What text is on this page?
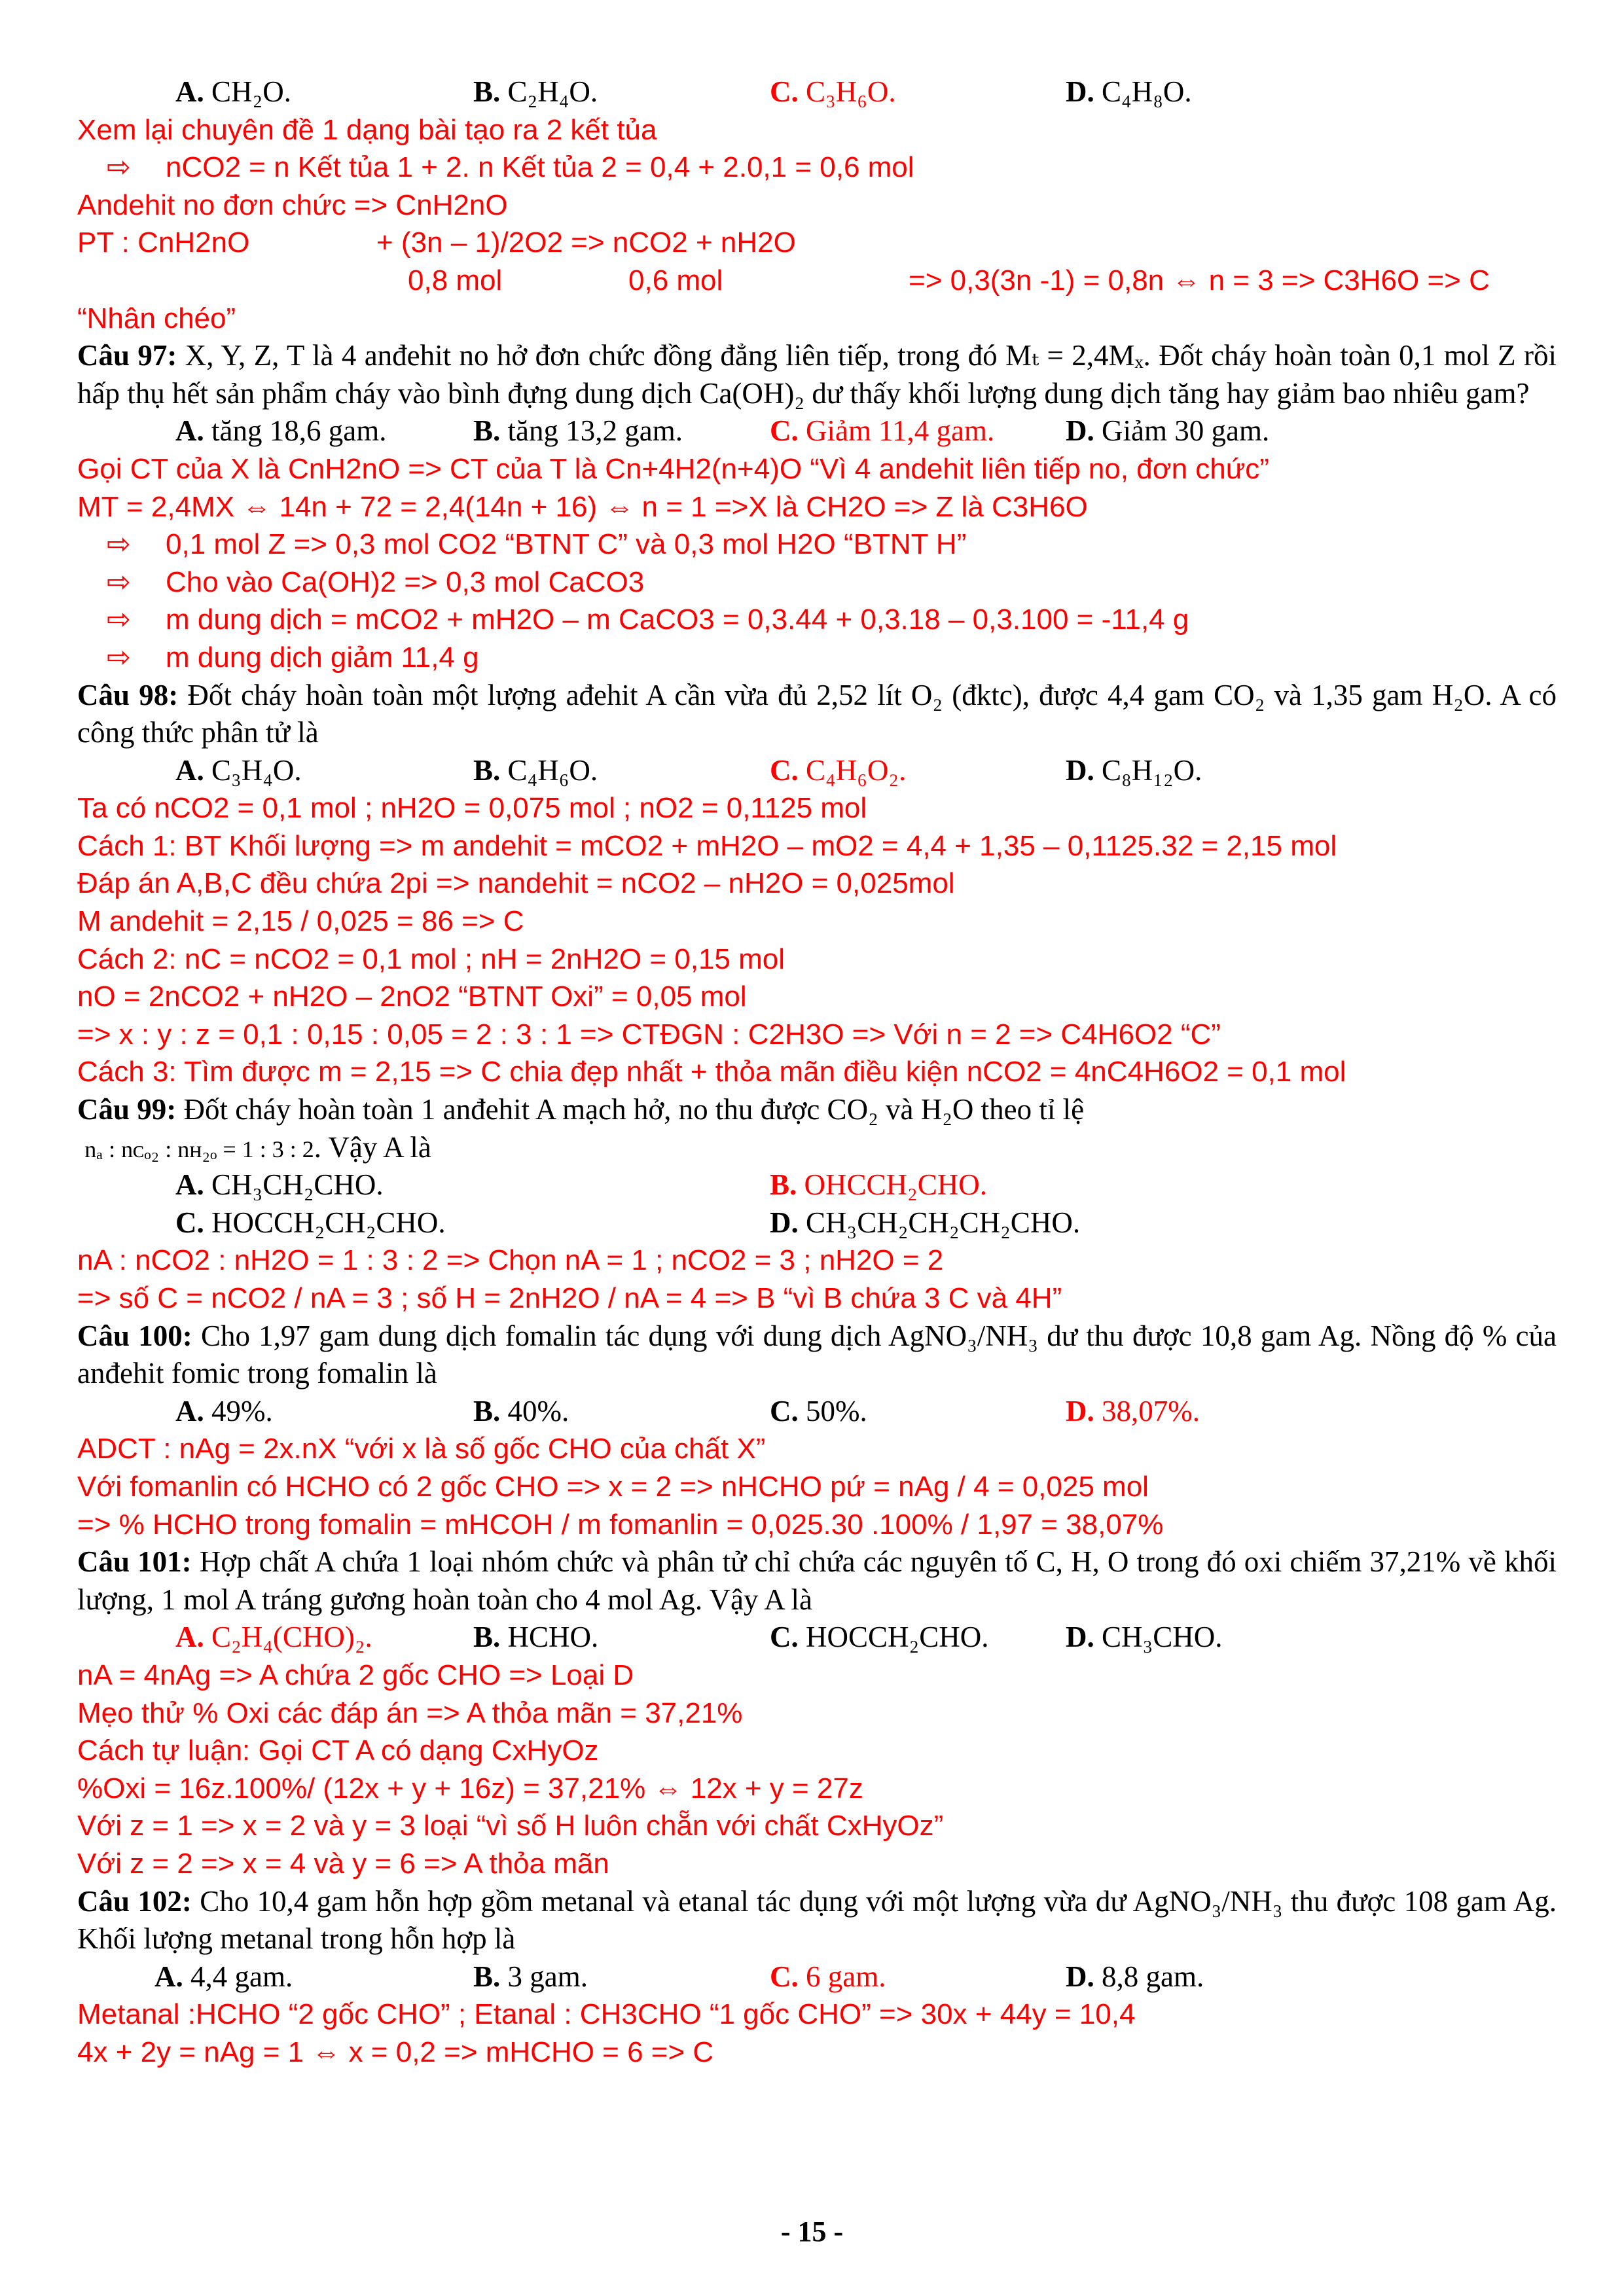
A. CH₂O.	B. C₂H₄O.	C. C₃H₆O.	D. C₄H₈O.
Xem lại chuyên đề 1 dạng bài tạo ra 2 kết tủa
⇨ nCO2 = n Kết tủa 1 + 2. n Kết tủa 2 = 0,4 + 2.0,1 = 0,6 mol
Andehit no đơn chức => CnH2nO
PT : CnH2nO	+ (3n – 1)/2O2 => nCO2 + nH2O
0,8 mol	0,6 mol	=> 0,3(3n -1) = 0,8n ⇔ n = 3 => C3H6O => C
“Nhân chéo”
Câu 97: X, Y, Z, T là 4 anđehit no hở đơn chức đồng đẳng liên tiếp, trong đó Mₜ = 2,4Mₓ. Đốt cháy hoàn toàn 0,1 mol Z rồi hấp thụ hết sản phẩm cháy vào bình đựng dung dịch Ca(OH)₂ dư thấy khối lượng dung dịch tăng hay giảm bao nhiêu gam?
A. tăng 18,6 gam.	B. tăng 13,2 gam.	C. Giảm 11,4 gam. D. Giảm 30 gam.
Gọi CT của X là CnH2nO => CT của T là Cn+4H2(n+4)O “Vì 4 andehit liên tiếp no, đơn chức”
MT = 2,4MX ⇔ 14n + 72 = 2,4(14n + 16) ⇔ n = 1 =>X là CH2O => Z là C3H6O
⇨ 0,1 mol Z => 0,3 mol CO2 “BTNT C” và 0,3 mol H2O “BTNT H”
⇨ Cho vào Ca(OH)2 => 0,3 mol CaCO3
⇨ m dung dịch = mCO2 + mH2O – m CaCO3 = 0,3.44 + 0,3.18 – 0,3.100 = -11,4 g
⇨ m dung dịch giảm 11,4 g
Câu 98: Đốt cháy hoàn toàn một lượng ađehit A cần vừa đủ 2,52 lít O₂ (đktc), được 4,4 gam CO₂ và 1,35 gam H₂O. A có công thức phân tử là
A. C₃H₄O.	B. C₄H₆O.	C. C₄H₆O₂.	D. C₈H₁₂O.
Ta có nCO2 = 0,1 mol ; nH2O = 0,075 mol ; nO2 = 0,1125 mol
Cách 1: BT Khối lượng => m andehit = mCO2 + mH2O – mO2 = 4,4 + 1,35 – 0,1125.32 = 2,15 mol
Đáp án A,B,C đều chứa 2pi => nandehit = nCO2 – nH2O = 0,025mol
M andehit = 2,15 / 0,025 = 86 => C
Cách 2: nC = nCO2 = 0,1 mol ; nH = 2nH2O = 0,15 mol
nO = 2nCO2 + nH2O – 2nO2 “BTNT Oxi” = 0,05 mol
=> x : y : z = 0,1 : 0,15 : 0,05 = 2 : 3 : 1 => CTĐGN : C2H3O => Với n = 2 => C4H6O2 “C”
Cách 3: Tìm được m = 2,15 => C chia đẹp nhất + thỏa mãn điều kiện nCO2 = 4nC4H6O2 = 0,1 mol
Câu 99: Đốt cháy hoàn toàn 1 anđehit A mạch hở, no thu được CO₂ và H₂O theo tỉ lệ
nₐ : nᴄₒ₂ : nʜ₂ₒ = 1 : 3 : 2. Vậy A là
A. CH₃CH₂CHO.	B. OHCCH₂CHO.
C. HOCCH₂CH₂CHO.	D. CH₃CH₂CH₂CH₂CHO.
nA : nCO2 : nH2O = 1 : 3 : 2 => Chọn nA = 1 ; nCO2 = 3 ; nH2O = 2
=> số C = nCO2 / nA = 3 ; số H = 2nH2O / nA = 4 => B “vì B chứa 3 C và 4H”
Câu 100: Cho 1,97 gam dung dịch fomalin tác dụng với dung dịch AgNO₃/NH₃ dư thu được 10,8 gam Ag. Nồng độ % của anđehit fomic trong fomalin là
A. 49%.	B. 40%.	C. 50%.	D. 38,07%.
ADCT : nAg = 2x.nX “với x là số gốc CHO của chất X”
Với fomanlin có HCHO có 2 gốc CHO => x = 2 => nHCHO pứ = nAg / 4 = 0,025 mol
=> % HCHO trong fomalin = mHCOH / m fomanlin = 0,025.30 .100% / 1,97 = 38,07%
Câu 101: Hợp chất A chứa 1 loại nhóm chức và phân tử chỉ chứa các nguyên tố C, H, O trong đó oxi chiếm 37,21% về khối lượng, 1 mol A tráng gương hoàn toàn cho 4 mol Ag. Vậy A là
A. C₂H₄(CHO)₂.	B. HCHO.	C. HOCCH₂CHO.	D. CH₃CHO.
nA = 4nAg => A chứa 2 gốc CHO => Loại D
Mẹo thử % Oxi các đáp án => A thỏa mãn = 37,21%
Cách tự luận: Gọi CT A có dạng CxHyOz
%Oxi = 16z.100%/ (12x + y + 16z) = 37,21% ⇔ 12x + y = 27z
Với z = 1 => x = 2 và y = 3 loại “vì số H luôn chẵn với chất CxHyOz”
Với z = 2 => x = 4 và y = 6 => A thỏa mãn
Câu 102: Cho 10,4 gam hỗn hợp gồm metanal và etanal tác dụng với một lượng vừa dư AgNO₃/NH₃ thu được 108 gam Ag. Khối lượng metanal trong hỗn hợp là
A. 4,4 gam.	B. 3 gam.	C. 6 gam.	D. 8,8 gam.
Metanal :HCHO “2 gốc CHO” ; Etanal : CH3CHO “1 gốc CHO” => 30x + 44y = 10,4
4x + 2y = nAg = 1 ⇔ x = 0,2 => mHCHO = 6 => C
- 15 -
